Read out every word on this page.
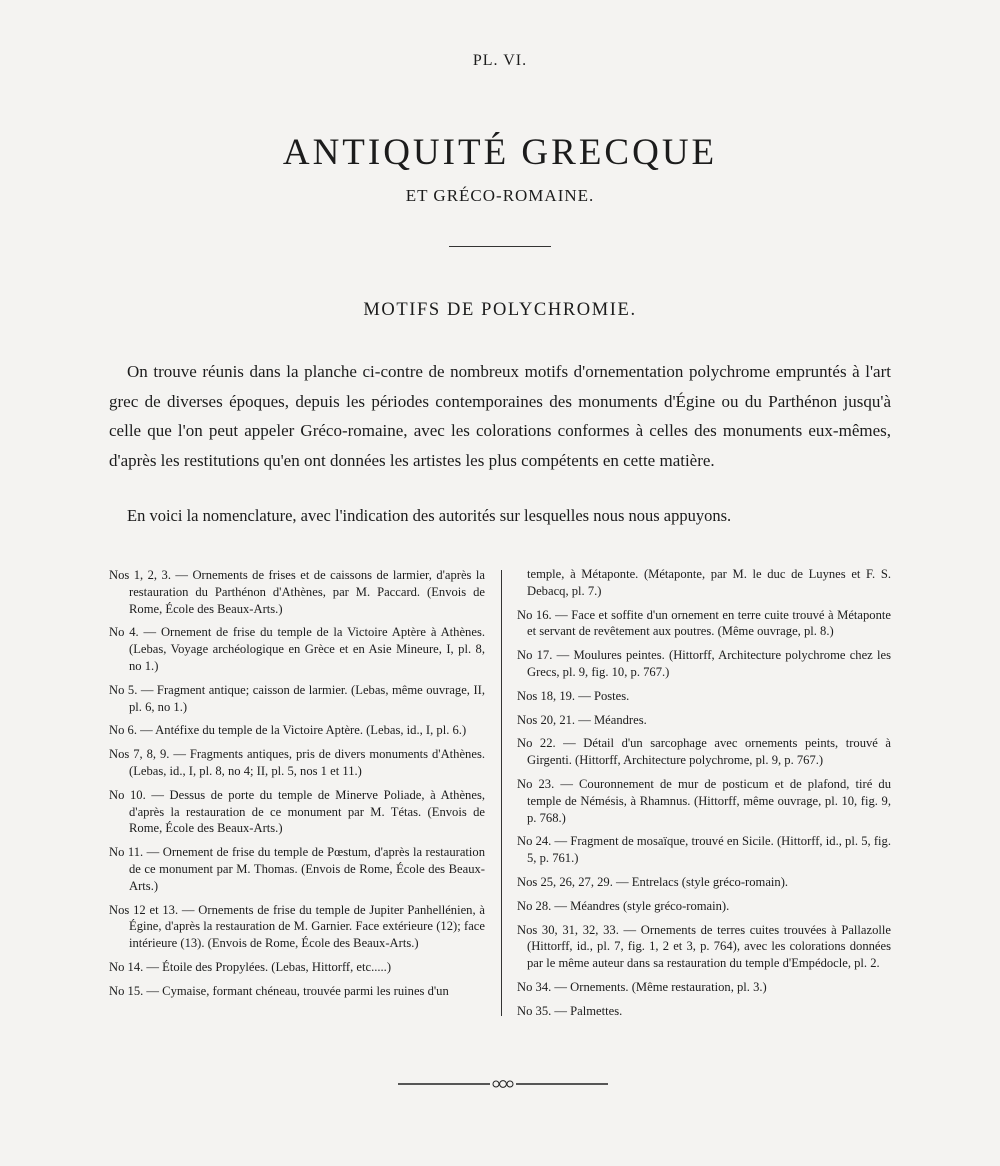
PL. VI.
ANTIQUITÉ GRECQUE
ET GRÉCO-ROMAINE.
MOTIFS DE POLYCHROMIE.

On trouve réunis dans la planche ci-contre de nombreux motifs d'ornementation polychrome empruntés à l'art grec de diverses époques, depuis les périodes contemporaines des monuments d'Égine ou du Parthénon jusqu'à celle que l'on peut appeler Gréco-romaine, avec les colorations conformes à celles des monuments eux-mêmes, d'après les restitutions qu'en ont données les artistes les plus compétents en cette matière.

En voici la nomenclature, avec l'indication des autorités sur lesquelles nous nous appuyons.

Nos 1, 2, 3. — Ornements de frises et de caissons de larmier, d'après la restauration du Parthénon d'Athènes, par M. Paccard. (Envois de Rome, École des Beaux-Arts.)

No 4. — Ornement de frise du temple de la Victoire Aptère à Athènes. (Lebas, Voyage archéologique en Grèce et en Asie Mineure, I, pl. 8, no 1.)

No 5. — Fragment antique; caisson de larmier. (Lebas, même ouvrage, II, pl. 6, no 1.)

No 6. — Antéfixe du temple de la Victoire Aptère. (Lebas, id., I, pl. 6.)

Nos 7, 8, 9. — Fragments antiques, pris de divers monuments d'Athènes. (Lebas, id., I, pl. 8, no 4; II, pl. 5, nos 1 et 11.)

No 10. — Dessus de porte du temple de Minerve Poliade, à Athènes, d'après la restauration de ce monument par M. Tétas. (Envois de Rome, École des Beaux-Arts.)

No 11. — Ornement de frise du temple de Pœstum, d'après la restauration de ce monument par M. Thomas. (Envois de Rome, École des Beaux-Arts.)

Nos 12 et 13. — Ornements de frise du temple de Jupiter Panhellénien, à Égine, d'après la restauration de M. Garnier. Face extérieure (12); face intérieure (13). (Envois de Rome, École des Beaux-Arts.)

No 14. — Étoile des Propylées. (Lebas, Hittorff, etc.....)

No 15. — Cymaise, formant chéneau, trouvée parmi les ruines d'un

temple, à Métaponte. (Métaponte, par M. le duc de Luynes et F. S. Debacq, pl. 7.)

No 16. — Face et soffite d'un ornement en terre cuite trouvé à Métaponte et servant de revêtement aux poutres. (Même ouvrage, pl. 8.)

No 17. — Moulures peintes. (Hittorff, Architecture polychrome chez les Grecs, pl. 9, fig. 10, p. 767.)

Nos 18, 19. — Postes.

Nos 20, 21. — Méandres.

No 22. — Détail d'un sarcophage avec ornements peints, trouvé à Girgenti. (Hittorff, Architecture polychrome, pl. 9, p. 767.)

No 23. — Couronnement de mur de posticum et de plafond, tiré du temple de Némésis, à Rhamnus. (Hittorff, même ouvrage, pl. 10, fig. 9, p. 768.)

No 24. — Fragment de mosaïque, trouvé en Sicile. (Hittorff, id., pl. 5, fig. 5, p. 761.)

Nos 25, 26, 27, 29. — Entrelacs (style gréco-romain).

No 28. — Méandres (style gréco-romain).

Nos 30, 31, 32, 33. — Ornements de terres cuites trouvées à Pallazolle (Hittorff, id., pl. 7, fig. 1, 2 et 3, p. 764), avec les colorations données par le même auteur dans sa restauration du temple d'Empédocle, pl. 2.

No 34. — Ornements. (Même restauration, pl. 3.)

No 35. — Palmettes.
